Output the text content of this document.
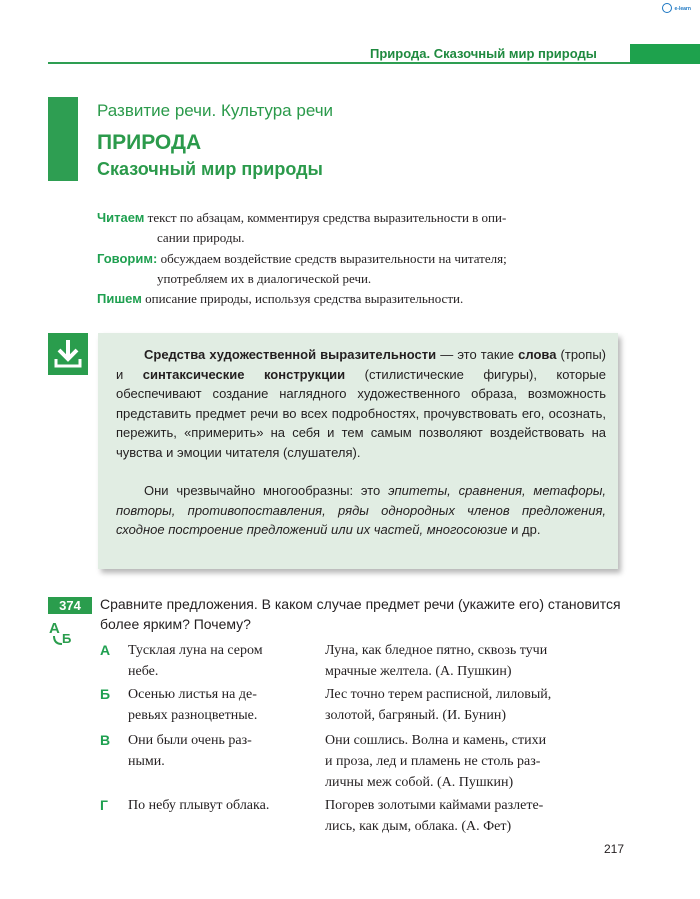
e-learn
Природа. Сказочный мир природы
Развитие речи. Культура речи
ПРИРОДА
Сказочный мир природы
Читаем текст по абзацам, комментируя средства выразительности в опи-
сании природы.
Говорим: обсуждаем воздействие средств выразительности на читателя;
употребляем их в диалогической речи.
Пишем описание природы, используя средства выразительности.
Средства художественной выразительности — это такие слова (тропы) и синтаксические конструкции (стилистические фигуры), которые обеспечивают создание наглядного художественного образа, возможность представить предмет речи во всех подробностях, прочувствовать его, осознать, пережить, «примерить» на себя и тем самым позволяют воздействовать на чувства и эмоции читателя (слушателя).
Они чрезвычайно многообразны: это эпитеты, сравнения, метафоры, повторы, противопоставления, ряды однородных членов предложения, сходное построение предложений или их частей, многосоюзие и др.
374
А
Б
Сравните предложения. В каком случае предмет речи (укажите его) становится более ярким? Почему?
А Тусклая луна на сером
небе.
Луна, как бледное пятно, сквозь тучи
мрачные желтела. (А. Пушкин)
Б Осенью листья на де-
ревьях разноцветные.
Лес точно терем расписной, лиловый,
золотой, багряный. (И. Бунин)
В Они были очень раз-
ными.
Они сошлись. Волна и камень, стихи
и проза, лед и пламень не столь раз-
личны меж собой. (А. Пушкин)
Г По небу плывут облака.	Погорев золотыми каймами разлете-
лись, как дым, облака. (А. Фет)
217
